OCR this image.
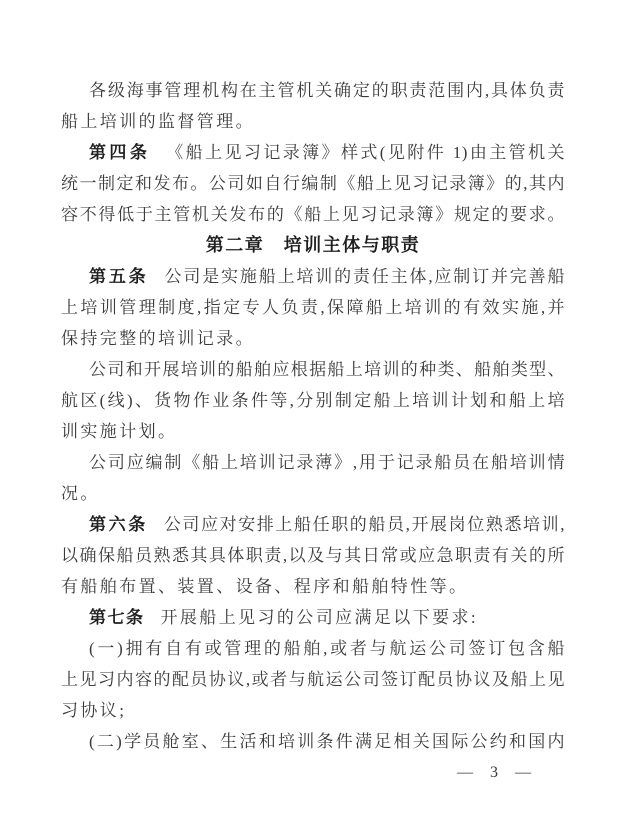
各级海事管理机构在主管机关确定的职责范围内,具体负责
船上培训的监督管理。
第四条 《船上见习记录簿》样式(见附件 1)由主管机关
统一制定和发布。公司如自行编制《船上见习记录簿》的,其内
容不得低于主管机关发布的《船上见习记录簿》规定的要求。
第二章　培训主体与职责
第五条 公司是实施船上培训的责任主体,应制订并完善船
上培训管理制度,指定专人负责,保障船上培训的有效实施,并
保持完整的培训记录。
公司和开展培训的船舶应根据船上培训的种类、船舶类型、
航区(线)、货物作业条件等,分别制定船上培训计划和船上培
训实施计划。
公司应编制《船上培训记录薄》,用于记录船员在船培训情
况。
第六条 公司应对安排上船任职的船员,开展岗位熟悉培训,
以确保船员熟悉其具体职责,以及与其日常或应急职责有关的所
有船舶布置、装置、设备、程序和船舶特性等。
第七条 开展船上见习的公司应满足以下要求:
(一)拥有自有或管理的船舶,或者与航运公司签订包含船
上见习内容的配员协议,或者与航运公司签订配员协议及船上见
习协议;
(二)学员舱室、生活和培训条件满足相关国际公约和国内
— 3 —
